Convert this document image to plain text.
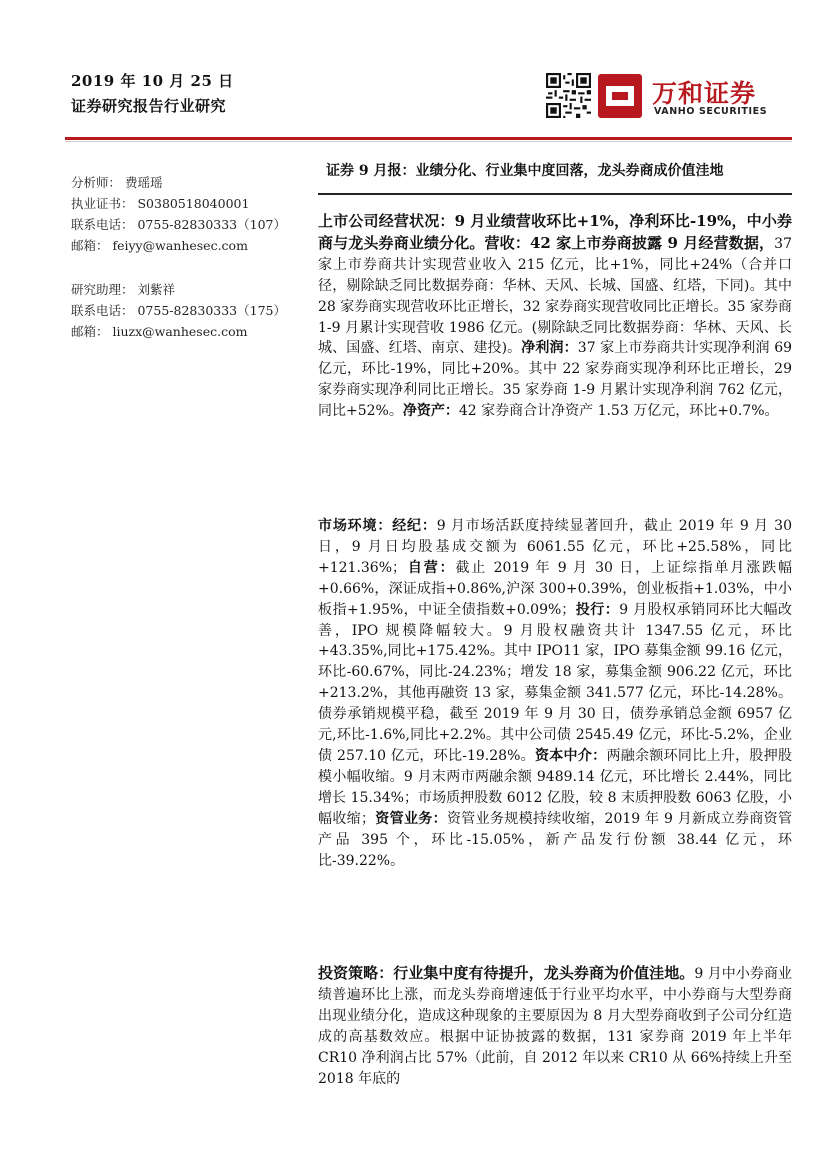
2019 年 10 月 25 日
证券研究报告行业研究	万和证券
VANHO SECURITIES
分析师： 费瑶瑶
执业证书： S0380518040001
联系电话： 0755-82830333（107）
邮箱： feiyy@wanhesec.com
研究助理： 刘紫祥
联系电话： 0755-82830333（175）
邮箱： liuzx@wanhesec.com
证券 9 月报：业绩分化、行业集中度回落，龙头券商成价值洼地

上市公司经营状况：9 月业绩营收环比+1%，净利环比-19%，中小券商与龙头券商业绩分化。营收：42 家上市券商披露 9 月经营数据，37 家上市券商共计实现营业收入 215 亿元，比+1%，同比+24%（合并口径，剔除缺乏同比数据券商：华林、天风、长城、国盛、红塔，下同)。其中 28 家券商实现营收环比正增长，32 家券商实现营收同比正增长。35 家券商 1-9 月累计实现营收 1986 亿元。(剔除缺乏同比数据券商：华林、天风、长城、国盛、红塔、南京、建投)。净利润：37 家上市券商共计实现净利润 69 亿元，环比-19%，同比+20%。其中 22 家券商实现净利环比正增长，29 家券商实现净利同比正增长。35 家券商 1-9 月累计实现净利润 762 亿元，同比+52%。净资产：42 家券商合计净资产 1.53 万亿元，环比+0.7%。

市场环境：经纪：9 月市场活跃度持续显著回升，截止 2019 年 9 月 30 日，9 月日均股基成交额为 6061.55 亿元，环比+25.58%，同比+121.36%；自营：截止 2019 年 9 月 30 日，上证综指单月涨跌幅+0.66%，深证成指+0.86%,沪深 300+0.39%，创业板指+1.03%，中小板指+1.95%，中证全债指数+0.09%；投行：9 月股权承销同环比大幅改善，IPO 规模降幅较大。9 月股权融资共计 1347.55 亿元，环比+43.35%,同比+175.42%。其中 IPO11 家，IPO 募集金额 99.16 亿元，环比-60.67%，同比-24.23%；增发 18 家，募集金额 906.22 亿元，环比+213.2%，其他再融资 13 家，募集金额 341.577 亿元，环比-14.28%。债券承销规模平稳，截至 2019 年 9 月 30 日，债券承销总金额 6957 亿元,环比-1.6%,同比+2.2%。其中公司债 2545.49 亿元，环比-5.2%，企业债 257.10 亿元，环比-19.28%。资本中介：两融余额环同比上升，股押股模小幅收缩。9 月末两市两融余额 9489.14 亿元，环比增长 2.44%，同比增长 15.34%；市场质押股数 6012 亿股，较 8 末质押股数 6063 亿股，小幅收缩；资管业务：资管业务规模持续收缩，2019 年 9 月新成立券商资管产品 395 个，环比-15.05%，新产品发行份额 38.44 亿元，环比-39.22%。

投资策略：行业集中度有待提升，龙头券商为价值洼地。9 月中小券商业绩普遍环比上涨，而龙头券商增速低于行业平均水平，中小券商与大型券商出现业绩分化，造成这种现象的主要原因为 8 月大型券商收到子公司分红造成的高基数效应。根据中证协披露的数据，131 家券商 2019 年上半年 CR10 净利润占比 57%（此前，自 2012 年以来 CR10 从 66%持续上升至 2018 年底的
